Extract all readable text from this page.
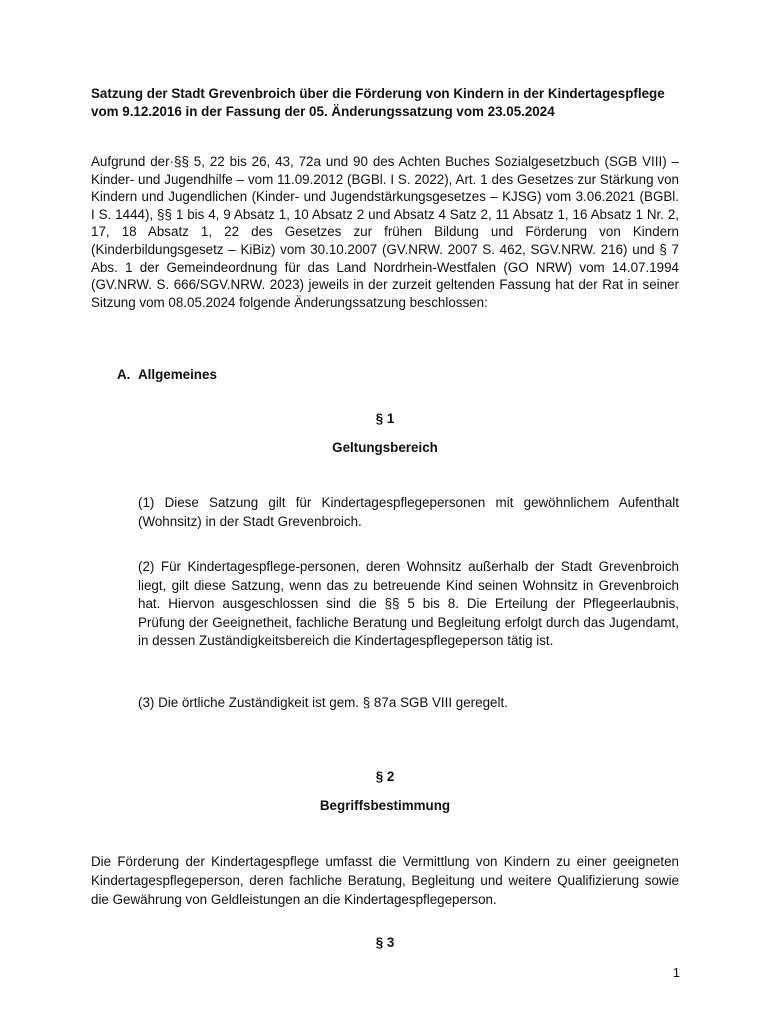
Satzung der Stadt Grevenbroich über die Förderung von Kindern in der Kindertagespflege vom 9.12.2016 in der Fassung der 05. Änderungssatzung vom 23.05.2024
Aufgrund der·§§ 5, 22 bis 26, 43, 72a und 90 des Achten Buches Sozialgesetzbuch (SGB VIII) – Kinder- und Jugendhilfe – vom 11.09.2012 (BGBl. I S. 2022), Art. 1 des Gesetzes zur Stärkung von Kindern und Jugendlichen (Kinder- und Jugendstärkungsgesetzes – KJSG) vom 3.06.2021 (BGBl. I S. 1444), §§ 1 bis 4, 9 Absatz 1, 10 Absatz 2 und Absatz 4 Satz 2, 11 Absatz 1, 16 Absatz 1 Nr. 2, 17, 18 Absatz 1, 22 des Gesetzes zur frühen Bildung und Förderung von Kindern (Kinderbildungsgesetz – KiBiz) vom 30.10.2007 (GV.NRW. 2007 S. 462, SGV.NRW. 216) und § 7 Abs. 1 der Gemeindeordnung für das Land Nordrhein-Westfalen (GO NRW) vom 14.07.1994 (GV.NRW. S. 666/SGV.NRW. 2023) jeweils in der zurzeit geltenden Fassung hat der Rat in seiner Sitzung vom 08.05.2024 folgende Änderungssatzung beschlossen:
A. Allgemeines
§ 1
Geltungsbereich
(1) Diese Satzung gilt für Kindertagespflegepersonen mit gewöhnlichem Aufenthalt (Wohnsitz) in der Stadt Grevenbroich.
(2) Für Kindertagespflege-personen, deren Wohnsitz außerhalb der Stadt Grevenbroich liegt, gilt diese Satzung, wenn das zu betreuende Kind seinen Wohnsitz in Grevenbroich hat. Hiervon ausgeschlossen sind die §§ 5 bis 8. Die Erteilung der Pflegeerlaubnis, Prüfung der Geeignetheit, fachliche Beratung und Begleitung erfolgt durch das Jugendamt, in dessen Zuständigkeitsbereich die Kindertagespflegeperson tätig ist.
(3) Die örtliche Zuständigkeit ist gem. § 87a SGB VIII geregelt.
§ 2
Begriffsbestimmung
Die Förderung der Kindertagespflege umfasst die Vermittlung von Kindern zu einer geeigneten Kindertagespflegeperson, deren fachliche Beratung, Begleitung und weitere Qualifizierung sowie die Gewährung von Geldleistungen an die Kindertagespflegeperson.
§ 3
1
